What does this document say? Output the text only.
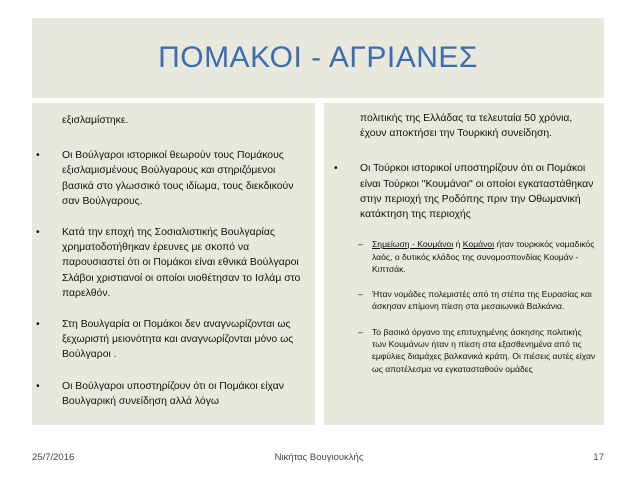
ΠΟΜΑΚΟΙ - ΑΓΡΙΑΝΕΣ
εξισλαμίστηκε.
• Οι Βούλγαροι ιστορικοί θεωρούν τους Πομάκους εξισλαμισμένους Βούλγαρους και στηριζόμενοι βασικά στο γλωσσικό τους ιδίωμα, τους διεκδικούν σαν Βούλγαρους.
• Κατά την εποχή της Σοσιαλιστικής Βουλγαρίας χρηματοδοτήθηκαν έρευνες με σκοπό να παρουσιαστεί ότι οι Πομάκοι είναι εθνικά Βούλγαροι Σλάβοι χριστιανοί οι οποίοι υιοθέτησαν το Ισλάμ στο παρελθόν.
• Στη Βουλγαρία οι Πομάκοι δεν αναγνωρίζονται ως ξεχωριστή μειονότητα και αναγνωρίζονται μόνο ως Βούλγαροι .
• Οι Βούλγαροι υποστηρίζουν ότι οι Πομάκοι είχαν Βουλγαρική συνείδηση αλλά λόγω
πολιτικής της Ελλάδας τα τελευταία 50 χρόνια, έχουν αποκτήσει την Τουρκική συνείδηση.
• Οι Τούρκοι ιστορικοί υποστηρίζουν ότι οι Πομάκοι είναι Τούρκοι "Κουμάνοι" οι οποίοι εγκαταστάθηκαν στην περιοχή της Ροδόπης πριν την Οθωμανική κατάκτηση της περιοχής
– Σημείωση - Κουμάνοι ή Κομάνοι ήταν τουρκικός νομαδικός λαός, ο δυτικός κλάδος της συνομοσπονδίας Κουμάν - Κιπτσάκ.
– Ήταν νομάδες πολεμιστές από τη στέπα της Ευρασίας και άσκησαν επίμονη πίεση στα μεσαιωνικά Βαλκάνια.
– Το βασικό όργανο της επιτυχημένης άσκησης πολιτικής των Κουμάνων ήταν η πίεση στα εξασθενημένα από τις εμφύλιες διαμάχες βαλκανικά κράτη. Οι πιέσεις αυτές είχαν ως αποτέλεσμα να εγκατασταθούν ομάδες
25/7/2016	Νικήτας Βουγιουκλής	17
